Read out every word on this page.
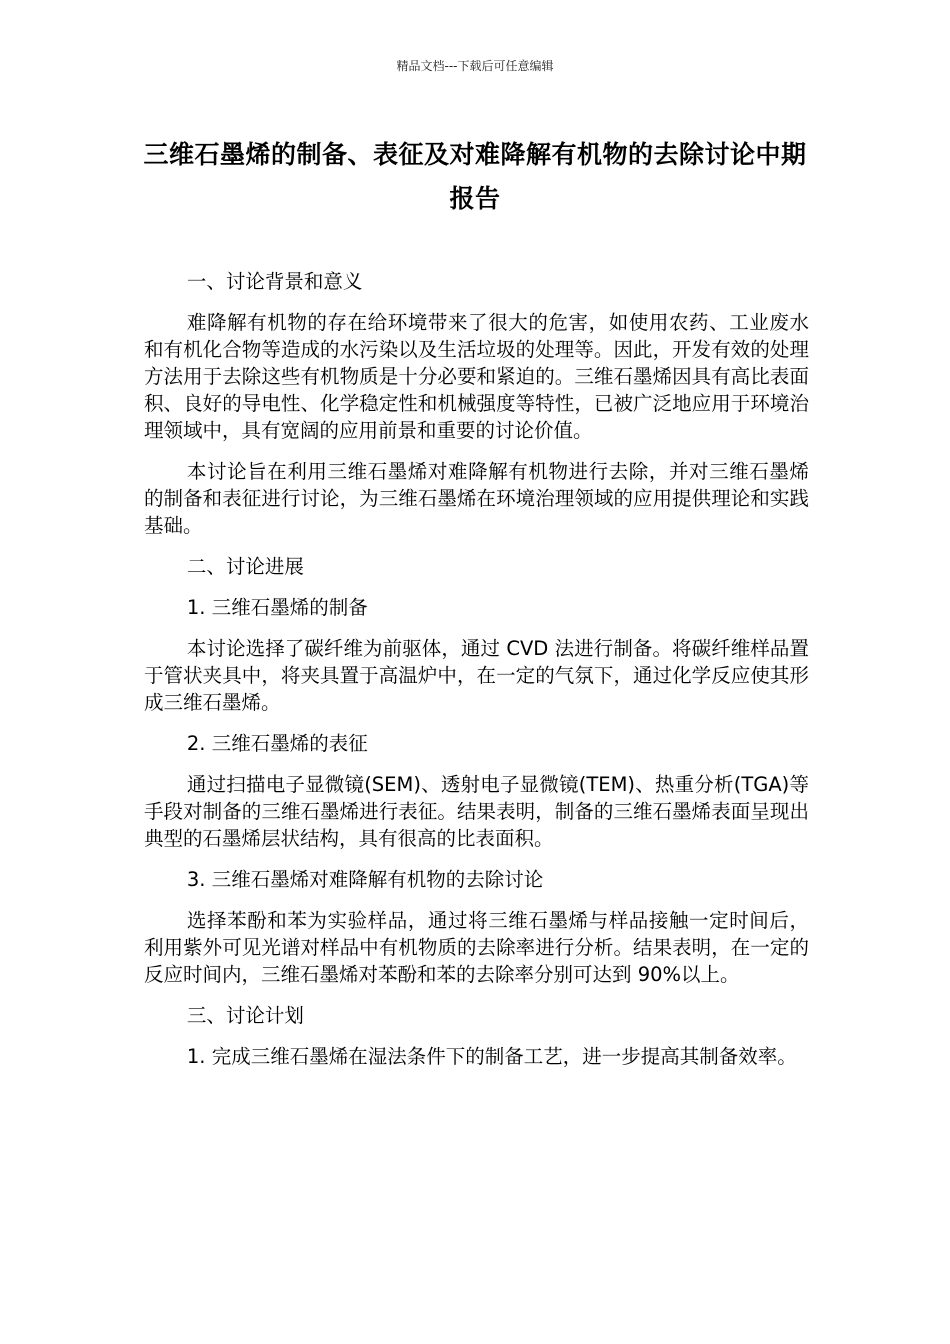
精品文档---下载后可任意编辑
三维石墨烯的制备、表征及对难降解有机物的去除讨论中期报告

一、讨论背景和意义

难降解有机物的存在给环境带来了很大的危害，如使用农药、工业废水和有机化合物等造成的水污染以及生活垃圾的处理等。因此，开发有效的处理方法用于去除这些有机物质是十分必要和紧迫的。三维石墨烯因具有高比表面积、良好的导电性、化学稳定性和机械强度等特性，已被广泛地应用于环境治理领域中，具有宽阔的应用前景和重要的讨论价值。

本讨论旨在利用三维石墨烯对难降解有机物进行去除，并对三维石墨烯的制备和表征进行讨论，为三维石墨烯在环境治理领域的应用提供理论和实践基础。

二、讨论进展

1. 三维石墨烯的制备

本讨论选择了碳纤维为前驱体，通过 CVD 法进行制备。将碳纤维样品置于管状夹具中，将夹具置于高温炉中，在一定的气氛下，通过化学反应使其形成三维石墨烯。

2. 三维石墨烯的表征

通过扫描电子显微镜(SEM)、透射电子显微镜(TEM)、热重分析(TGA)等手段对制备的三维石墨烯进行表征。结果表明，制备的三维石墨烯表面呈现出典型的石墨烯层状结构，具有很高的比表面积。

3. 三维石墨烯对难降解有机物的去除讨论

选择苯酚和苯为实验样品，通过将三维石墨烯与样品接触一定时间后，利用紫外可见光谱对样品中有机物质的去除率进行分析。结果表明，在一定的反应时间内，三维石墨烯对苯酚和苯的去除率分别可达到 90%以上。

三、讨论计划

1. 完成三维石墨烯在湿法条件下的制备工艺，进一步提高其制备效率。
